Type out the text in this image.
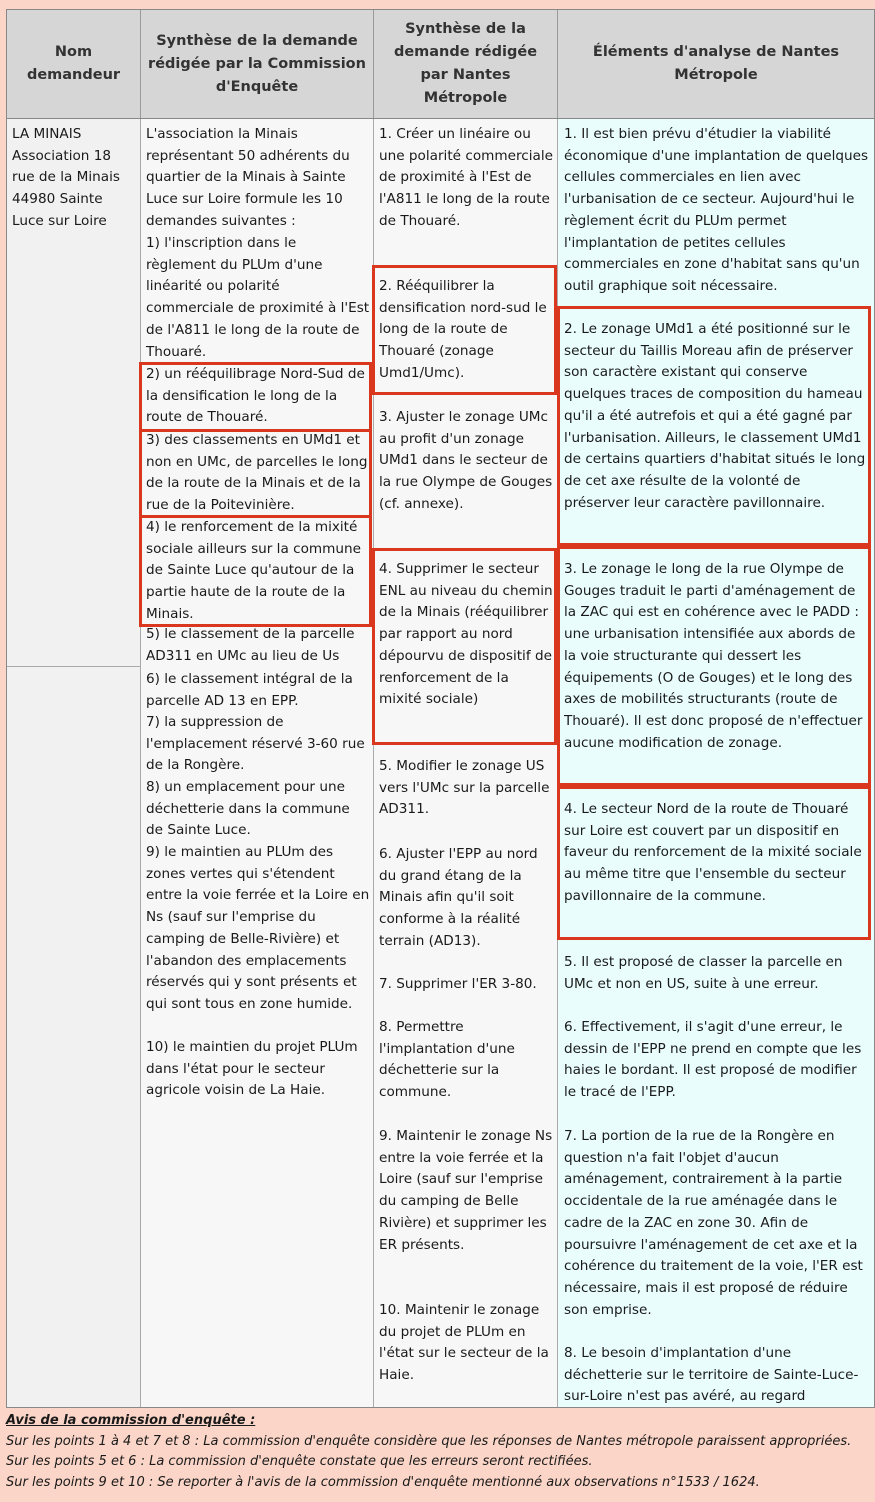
Nom demandeur
Synthèse de la demande rédigée par la Commission d'Enquête
Synthèse de la demande rédigée par Nantes Métropole
Éléments d'analyse de Nantes Métropole

LA MINAIS Association 18 rue de la Minais 44980 Sainte Luce sur Loire

L'association la Minais représentant 50 adhérents du quartier de la Minais à Sainte Luce sur Loire formule les 10 demandes suivantes :

1) l'inscription dans le règlement du PLUm d'une linéarité ou polarité commerciale de proximité à l'Est de l'A811 le long de la route de Thouaré.

2) un rééquilibrage Nord-Sud de la densification le long de la route de Thouaré.

3) des classements en UMd1 et non en UMc, de parcelles le long de la route de la Minais et de la rue de la Poitevinière.

4) le renforcement de la mixité sociale ailleurs sur la commune de Sainte Luce qu'autour de la partie haute de la route de la Minais.

5) le classement de la parcelle AD311 en UMc au lieu de Us

6) le classement intégral de la parcelle AD 13 en EPP.

7) la suppression de l'emplacement réservé 3-60 rue de la Rongère.

8) un emplacement pour une déchetterie dans la commune de Sainte Luce.

9) le maintien au PLUm des zones vertes qui s'étendent entre la voie ferrée et la Loire en Ns (sauf sur l'emprise du camping de Belle-Rivière) et l'abandon des emplacements réservés qui y sont présents et qui sont tous en zone humide.

10) le maintien du projet PLUm dans l'état pour le secteur agricole voisin de La Haie.

1. Créer un linéaire ou une polarité commerciale de proximité à l'Est de l'A811 le long de la route de Thouaré.

2. Rééquilibrer la densification nord-sud le long de la route de Thouaré (zonage Umd1/Umc).

3. Ajuster le zonage UMc au profit d'un zonage UMd1 dans le secteur de la rue Olympe de Gouges (cf. annexe).

4. Supprimer le secteur ENL au niveau du chemin de la Minais (rééquilibrer par rapport au nord dépourvu de dispositif de renforcement de la mixité sociale)

5. Modifier le zonage US vers l'UMc sur la parcelle AD311.

6. Ajuster l'EPP au nord du grand étang de la Minais afin qu'il soit conforme à la réalité terrain (AD13).

7. Supprimer l'ER 3-80.

8. Permettre l'implantation d'une déchetterie sur la commune.

9. Maintenir le zonage Ns entre la voie ferrée et la Loire (sauf sur l'emprise du camping de Belle Rivière) et supprimer les ER présents.

10. Maintenir le zonage du projet de PLUm en l'état sur le secteur de la Haie.

1. Il est bien prévu d'étudier la viabilité économique d'une implantation de quelques cellules commerciales en lien avec l'urbanisation de ce secteur. Aujourd'hui le règlement écrit du PLUm permet l'implantation de petites cellules commerciales en zone d'habitat sans qu'un outil graphique soit nécessaire.

2. Le zonage UMd1 a été positionné sur le secteur du Taillis Moreau afin de préserver son caractère existant qui conserve quelques traces de composition du hameau qu'il a été autrefois et qui a été gagné par l'urbanisation. Ailleurs, le classement UMd1 de certains quartiers d'habitat situés le long de cet axe résulte de la volonté de préserver leur caractère pavillonnaire.

3. Le zonage le long de la rue Olympe de Gouges traduit le parti d'aménagement de la ZAC qui est en cohérence avec le PADD : une urbanisation intensifiée aux abords de la voie structurante qui dessert les équipements (O de Gouges) et le long des axes de mobilités structurants (route de Thouaré). Il est donc proposé de n'effectuer aucune modification de zonage.

4. Le secteur Nord de la route de Thouaré sur Loire est couvert par un dispositif en faveur du renforcement de la mixité sociale au même titre que l'ensemble du secteur pavillonnaire de la commune.

5. Il est proposé de classer la parcelle en UMc et non en US, suite à une erreur.

6. Effectivement, il s'agit d'une erreur, le dessin de l'EPP ne prend en compte que les haies le bordant. Il est proposé de modifier le tracé de l'EPP.

7. La portion de la rue de la Rongère en question n'a fait l'objet d'aucun aménagement, contrairement à la partie occidentale de la rue aménagée dans le cadre de la ZAC en zone 30. Afin de poursuivre l'aménagement de cet axe et la cohérence du traitement de la voie, l'ER est nécessaire, mais il est proposé de réduire son emprise.

8. Le besoin d'implantation d'une déchetterie sur le territoire de Sainte-Luce-sur-Loire n'est pas avéré, au regard

Avis de la commission d'enquête :
Sur les points 1 à 4 et 7 et 8 : La commission d'enquête considère que les réponses de Nantes métropole paraissent appropriées.
Sur les points 5 et 6 : La commission d'enquête constate que les erreurs seront rectifiées.
Sur les points 9 et 10 : Se reporter à l'avis de la commission d'enquête mentionné aux observations n°1533 / 1624.
